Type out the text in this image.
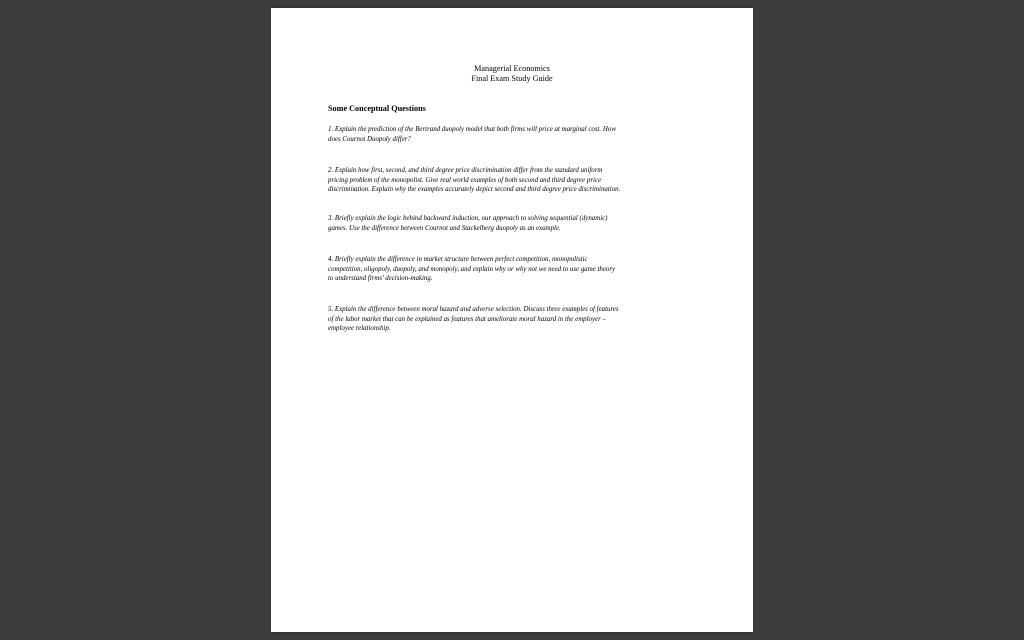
Managerial Economics
Final Exam Study Guide
Some Conceptual Questions
1. Explain the prediction of the Bertrand duopoly model that both firms will price at marginal cost. How
does Cournot Duopoly differ?
2. Explain how first, second, and third degree price discrimination differ from the standard uniform
pricing problem of the monopolist. Give real world examples of both second and third degree price
discrimination. Explain why the examples accurately depict second and third degree price discrimination.
3. Briefly explain the logic behind backward induction, our approach to solving sequential (dynamic)
games. Use the difference between Cournot and Stackelberg duopoly as an example.
4. Briefly explain the difference in market structure between perfect competition, monopolistic
competition, oligopoly, duopoly, and monopoly, and explain why or why not we need to use game theory
to understand firms’ decision-making.
5. Explain the difference between moral hazard and adverse selection. Discuss three examples of features
of the labor market that can be explained as features that ameliorate moral hazard in the employer –
employee relationship.
